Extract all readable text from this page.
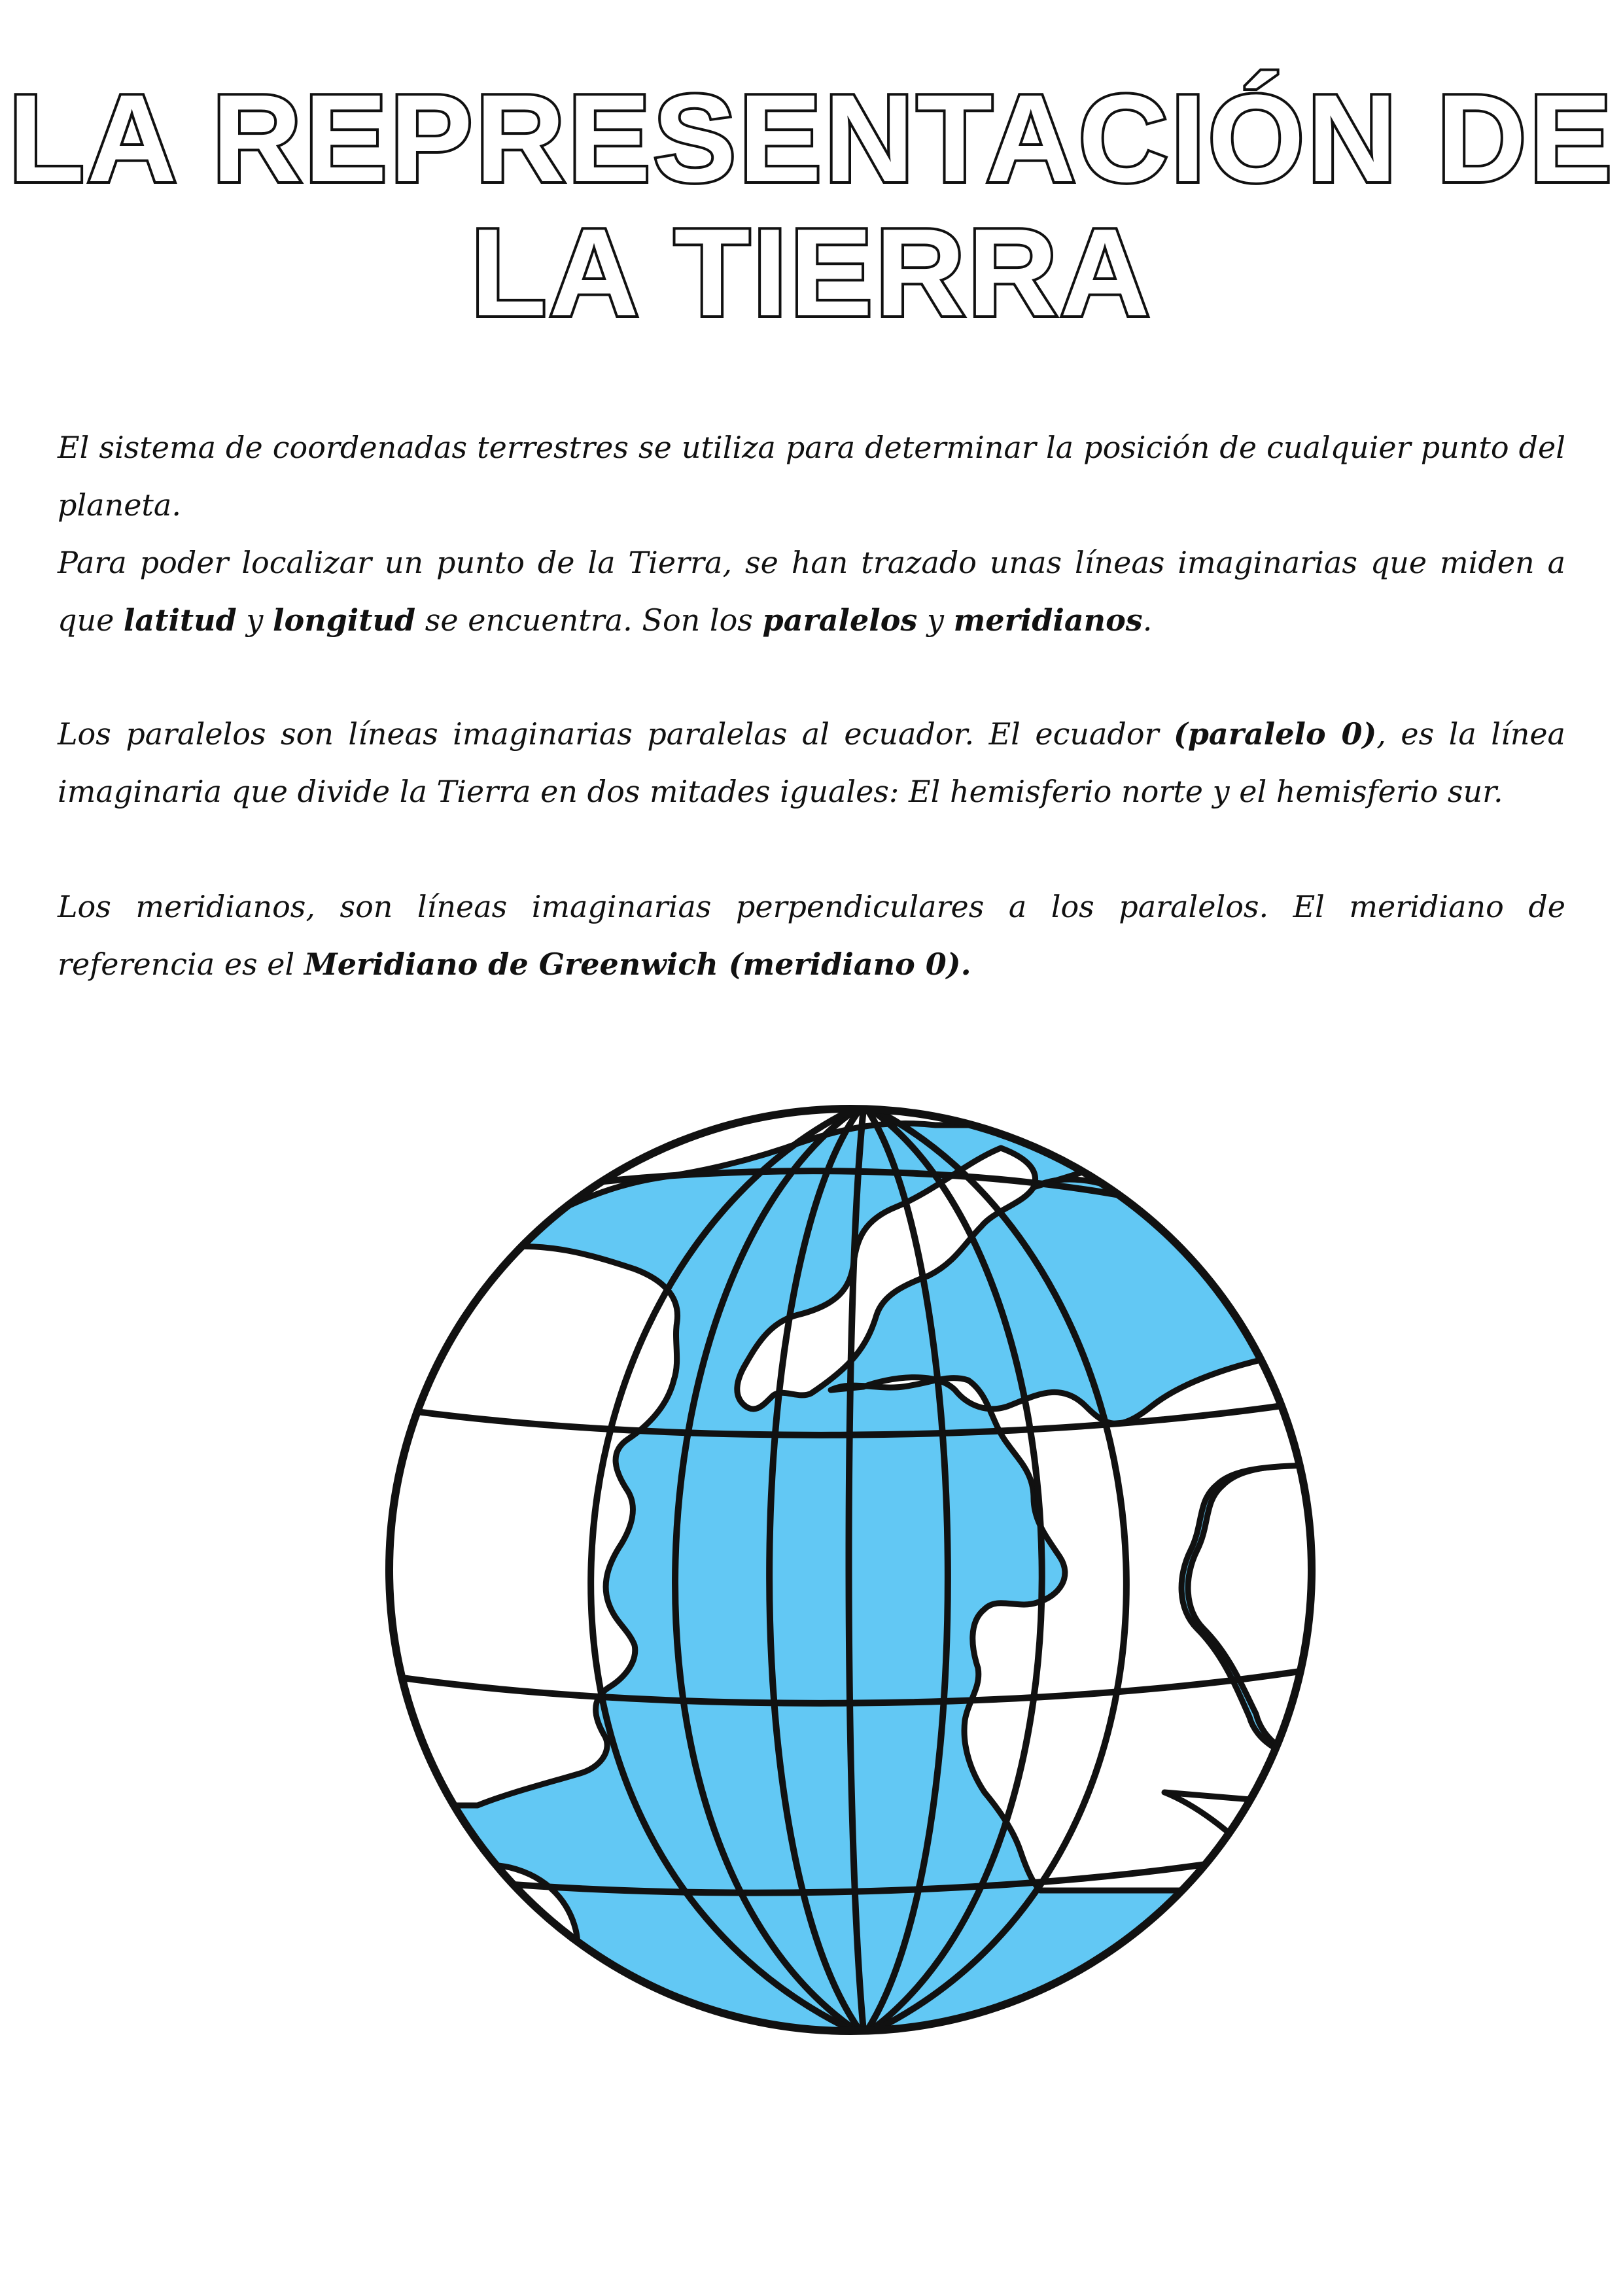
LA REPRESENTACIÓN DE
LA TIERRA

El sistema de coordenadas terrestres se utiliza para determinar la posición de cualquier punto del planeta.
Para poder localizar un punto de la Tierra, se han trazado unas líneas imaginarias que miden a que latitud y longitud se encuentra. Son los paralelos y meridianos.

Los paralelos son líneas imaginarias paralelas al ecuador. El ecuador (paralelo 0), es la línea imaginaria que divide la Tierra en dos mitades iguales: El hemisferio norte y el hemisferio sur.

Los meridianos, son líneas imaginarias perpendiculares a los paralelos. El meridiano de referencia es el Meridiano de Greenwich (meridiano 0).
